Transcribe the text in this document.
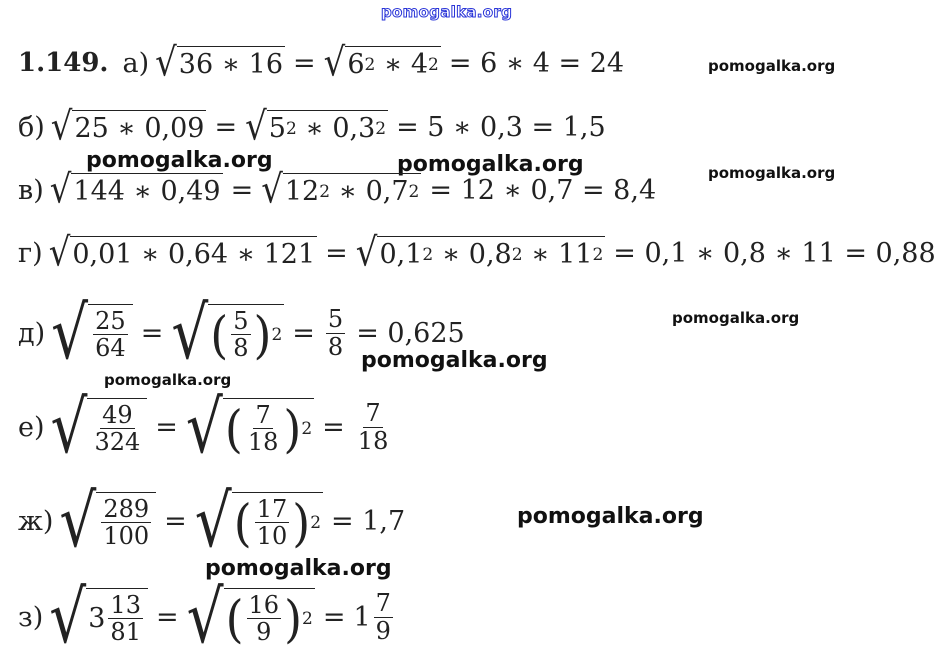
pomogalka.org
pomogalka.org
pomogalka.org	pomogalka.org	pomogalka.org
pomogalka.org
pomogalka.org
pomogalka.org
pomogalka.org
pomogalka.org
1.149. а) √ 36 ∗ 16 = √ 6 2 ∗ 4 2 = 6 ∗ 4 = 24
б) √ 25 ∗ 0,09 = √ 5 2 ∗ 0,3 2 = 5 ∗ 0,3 = 1,5
в) √ 144 ∗ 0,49 = √ 12 2 ∗ 0,7 2 = 12 ∗ 0,7 = 8,4
г) √ 0,01 ∗ 0,64 ∗ 121 = √ 0,1 2 ∗ 0,8 2 ∗ 11 2 = 0,1 ∗ 0,8 ∗ 11 = 0,88
д) √ $\frac{25}{64}$ = √ ( $\frac{5}{8}$ ) $2 = \frac{5}{8} = 0,625$
е) √ $\frac{49}{324}$ = √ ( $\frac{7}{18}$ ) $2 = \frac{7}{18}$
ж) √ $\frac{289}{100}$ = √ ( $\frac{17}{10}$ ) 2 = 1,7
з) √ $3 \frac{13}{81}$ = √ ( $\frac{16}{9}$ ) $2 = 1 \frac{7}{9}$
